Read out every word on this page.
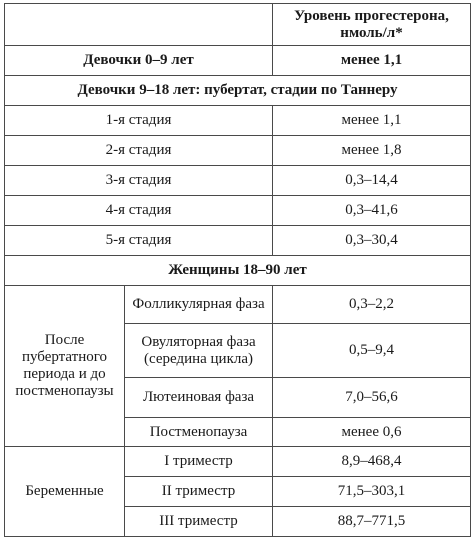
		Уровень прогестерона, нмоль/л*
Девочки 0–9 лет		менее 1,1
Девочки 9–18 лет: пубертат, стадии по Таннеру		
1-я стадия		менее 1,1
2-я стадия		менее 1,8
3-я стадия		0,3–14,4
4-я стадия		0,3–41,6
5-я стадия		0,3–30,4
Женщины 18–90 лет		
После пубертатного периода и до постменопаузы	Фолликулярная фаза	0,3–2,2
	Овуляторная фаза (середина цикла)	0,5–9,4
	Лютеиновая фаза	7,0–56,6
	Постменопауза	менее 0,6
Беременные	I триместр	8,9–468,4
	II триместр	71,5–303,1
	III триместр	88,7–771,5
